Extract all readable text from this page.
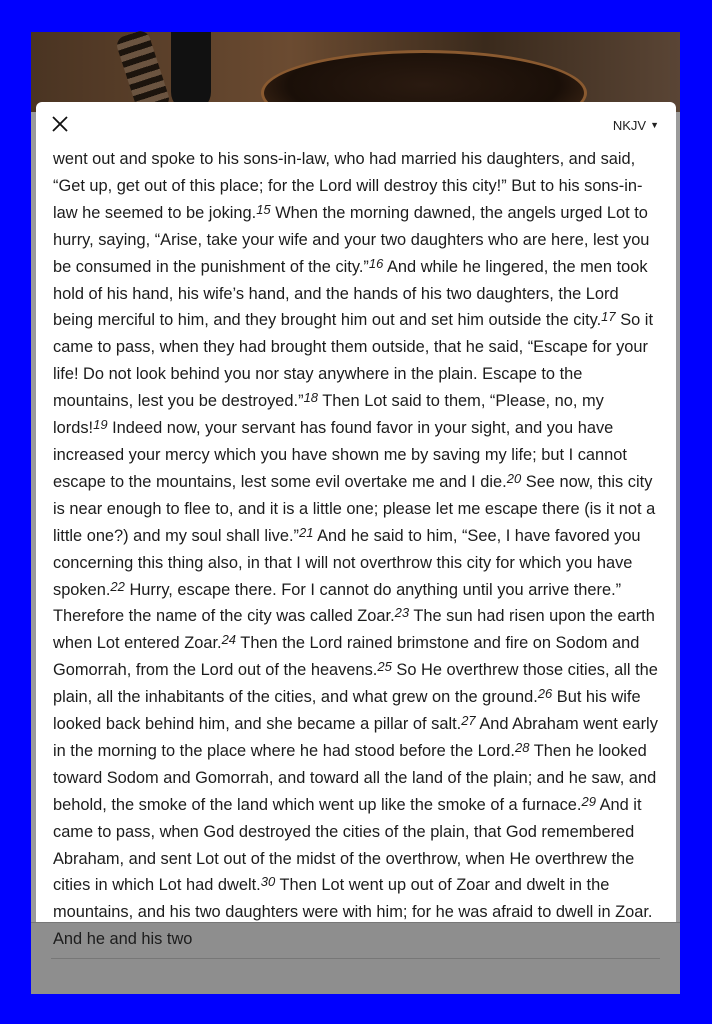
NKJV ▼
went out and spoke to his sons-in-law, who had married his daughters, and said, “Get up, get out of this place; for the Lord will destroy this city!” But to his sons-in-law he seemed to be joking.$^{15}$ When the morning dawned, the angels urged Lot to hurry, saying, “Arise, take your wife and your two daughters who are here, lest you be consumed in the punishment of the city.”$^{16}$ And while he lingered, the men took hold of his hand, his wife’s hand, and the hands of his two daughters, the Lord being merciful to him, and they brought him out and set him outside the city.$^{17}$ So it came to pass, when they had brought them outside, that he said, “Escape for your life! Do not look behind you nor stay anywhere in the plain. Escape to the mountains, lest you be destroyed.”$^{18}$ Then Lot said to them, “Please, no, my lords!$^{19}$ Indeed now, your servant has found favor in your sight, and you have increased your mercy which you have shown me by saving my life; but I cannot escape to the mountains, lest some evil overtake me and I die.$^{20}$ See now, this city is near enough to flee to, and it is a little one; please let me escape there (is it not a little one?) and my soul shall live.”$^{21}$ And he said to him, “See, I have favored you concerning this thing also, in that I will not overthrow this city for which you have spoken.$^{22}$ Hurry, escape there. For I cannot do anything until you arrive there.” Therefore the name of the city was called Zoar.$^{23}$ The sun had risen upon the earth when Lot entered Zoar.$^{24}$ Then the Lord rained brimstone and fire on Sodom and Gomorrah, from the Lord out of the heavens.$^{25}$ So He overthrew those cities, all the plain, all the inhabitants of the cities, and what grew on the ground.$^{26}$ But his wife looked back behind him, and she became a pillar of salt.$^{27}$ And Abraham went early in the morning to the place where he had stood before the Lord.$^{28}$ Then he looked toward Sodom and Gomorrah, and toward all the land of the plain; and he saw, and behold, the smoke of the land which went up like the smoke of a furnace.$^{29}$ And it came to pass, when God destroyed the cities of the plain, that God remembered Abraham, and sent Lot out of the midst of the overthrow, when He overthrew the cities in which Lot had dwelt.$^{30}$ Then Lot went up out of Zoar and dwelt in the mountains, and his two daughters were with him; for he was afraid to dwell in Zoar. And he and his two
